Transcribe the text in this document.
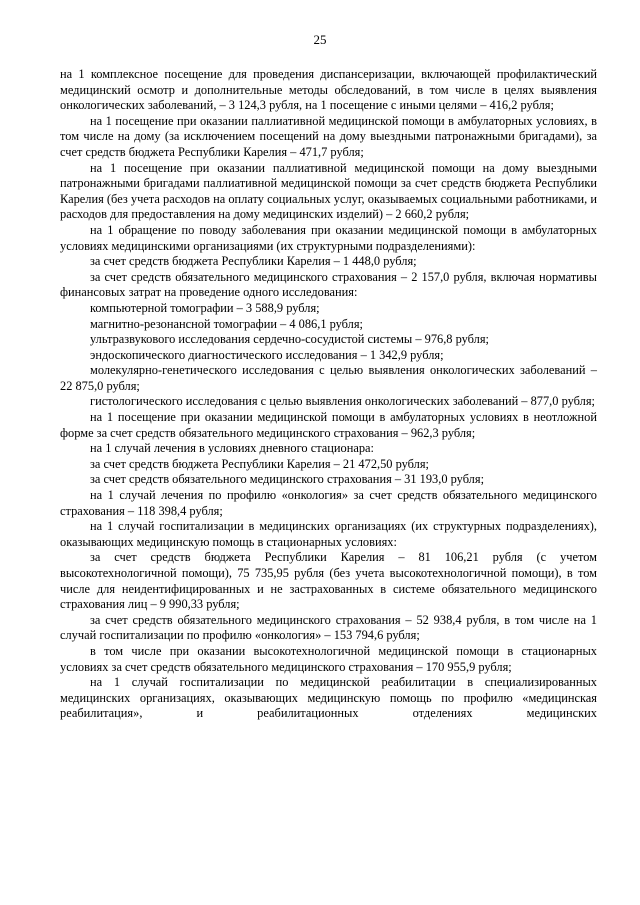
25

на 1 комплексное посещение для проведения диспансеризации, включающей профилактический медицинский осмотр и дополнительные методы обследований, в том числе в целях выявления онкологических заболеваний, – 3 124,3 рубля, на 1 посещение с иными целями – 416,2 рубля;

на 1 посещение при оказании паллиативной медицинской помощи в амбулаторных условиях, в том числе на дому (за исключением посещений на дому выездными патронажными бригадами), за счет средств бюджета Республики Карелия – 471,7 рубля;

на 1 посещение при оказании паллиативной медицинской помощи на дому выездными патронажными бригадами паллиативной медицинской помощи за счет средств бюджета Республики Карелия (без учета расходов на оплату социальных услуг, оказываемых социальными работниками, и расходов для предоставления на дому медицинских изделий) – 2 660,2 рубля;

на 1 обращение по поводу заболевания при оказании медицинской помощи в амбулаторных условиях медицинскими организациями (их структурными подразделениями):

за счет средств бюджета Республики Карелия – 1 448,0 рубля;

за счет средств обязательного медицинского страхования – 2 157,0 рубля, включая нормативы финансовых затрат на проведение одного исследования:

компьютерной томографии – 3 588,9 рубля;

магнитно-резонансной томографии – 4 086,1 рубля;

ультразвукового исследования сердечно-сосудистой системы – 976,8 рубля;

эндоскопического диагностического исследования – 1 342,9 рубля;

молекулярно-генетического исследования с целью выявления онкологических заболеваний – 22 875,0 рубля;

гистологического исследования с целью выявления онкологических заболеваний – 877,0 рубля;

на 1 посещение при оказании медицинской помощи в амбулаторных условиях в неотложной форме за счет средств обязательного медицинского страхования – 962,3 рубля;

на 1 случай лечения в условиях дневного стационара:

за счет средств бюджета Республики Карелия – 21 472,50 рубля;

за счет средств обязательного медицинского страхования – 31 193,0 рубля;

на 1 случай лечения по профилю «онкология» за счет средств обязательного медицинского страхования – 118 398,4 рубля;

на 1 случай госпитализации в медицинских организациях (их структурных подразделениях), оказывающих медицинскую помощь в стационарных условиях:

за счет средств бюджета Республики Карелия – 81 106,21 рубля (с учетом высокотехнологичной помощи), 75 735,95 рубля (без учета высокотехнологичной помощи), в том числе для неидентифицированных и не застрахованных в системе обязательного медицинского страхования лиц – 9 990,33 рубля;

за счет средств обязательного медицинского страхования – 52 938,4 рубля, в том числе на 1 случай госпитализации по профилю «онкология» – 153 794,6 рубля;

в том числе при оказании высокотехнологичной медицинской помощи в стационарных условиях за счет средств обязательного медицинского страхования – 170 955,9 рубля;

на 1 случай госпитализации по медицинской реабилитации в специализированных медицинских организациях, оказывающих медицинскую помощь по профилю «медицинская реабилитация», и реабилитационных отделениях медицинских
